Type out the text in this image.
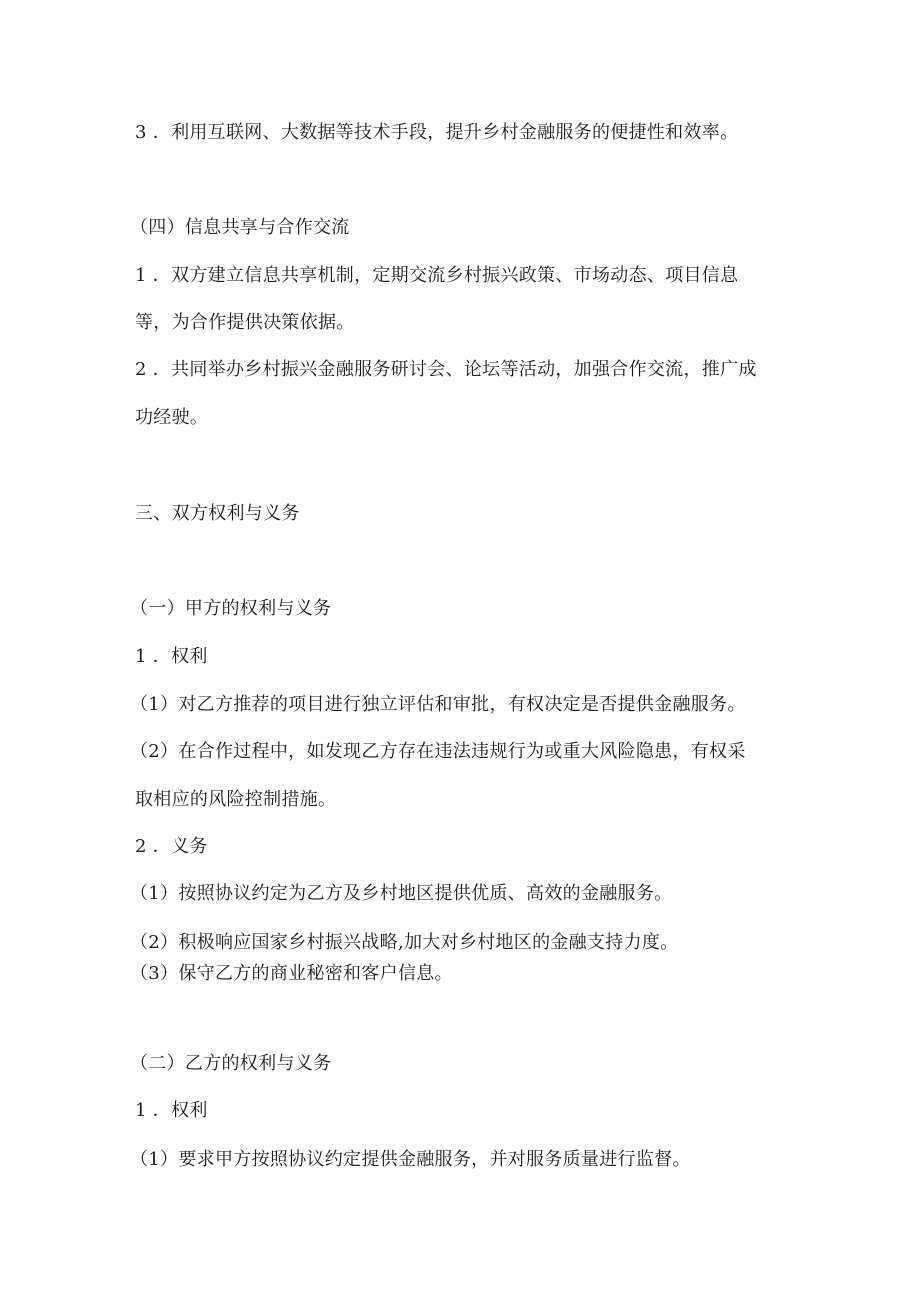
3 ．利用互联网、大数据等技术手段，提升乡村金融服务的便捷性和效率。
（四）信息共享与合作交流
1 ．双方建立信息共享机制，定期交流乡村振兴政策、市场动态、项目信息
等，为合作提供决策依据。
2 ．共同举办乡村振兴金融服务研讨会、论坛等活动，加强合作交流，推广成
功经驶。
三、双方权利与义务
（一）甲方的权利与义务
1 ．权利
（1）对乙方推荐的项目进行独立评估和审批，有权决定是否提供金融服务。
（2）在合作过程中，如发现乙方存在违法违规行为或重大风险隐患，有权采
取相应的风险控制措施。
2 ．义务
（1）按照协议约定为乙方及乡村地区提供优质、高效的金融服务。
（2）积极响应国家乡村振兴战略,加大对乡村地区的金融支持力度。
（3）保守乙方的商业秘密和客户信息。
（二）乙方的权利与义务
1 ．权利
（1）要求甲方按照协议约定提供金融服务，并对服务质量进行监督。
